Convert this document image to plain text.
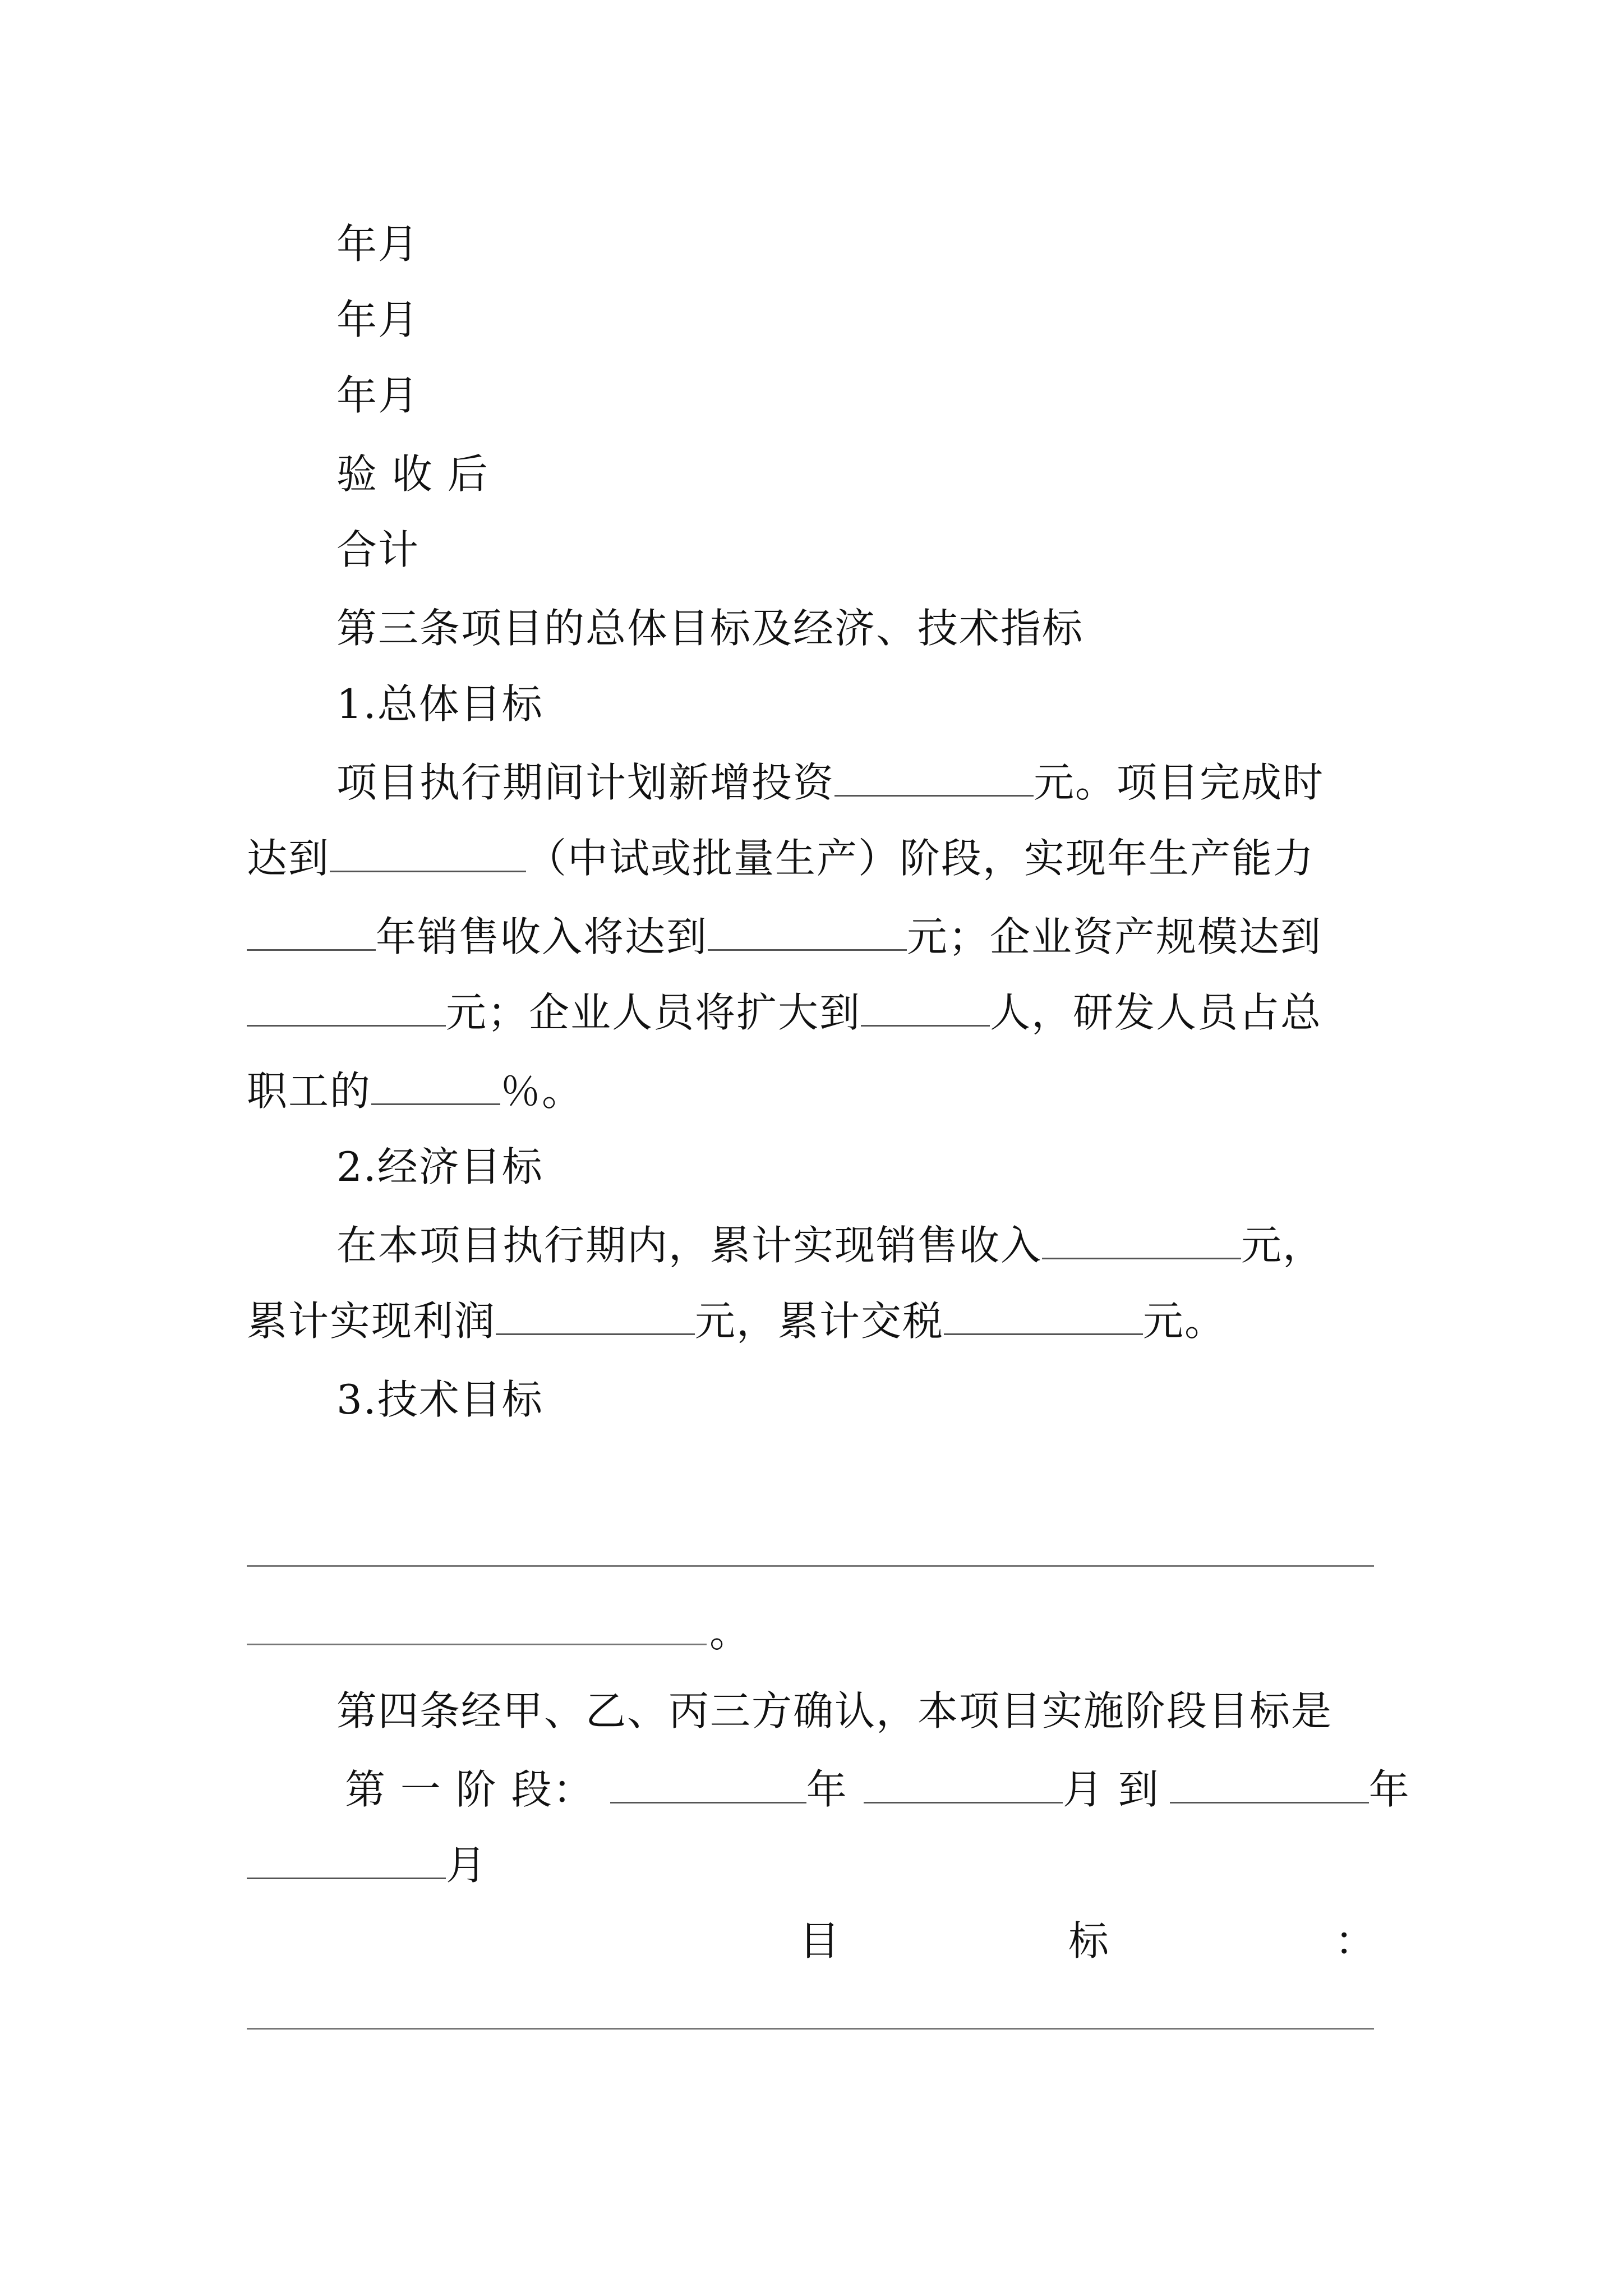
年月
年月
年月
验 收 后
合计
第三条项目的总体目标及经济、技术指标
1.总体目标
项目执行期间计划新增投资	元。项目完成时
达到	（中试或批量生产）阶段，实现年生产能力
年销售收入将达到	元；企业资产规模达到
元；企业人员将扩大到	人，研发人员占总
职工的	％。
2.经济目标
在本项目执行期内，累计实现销售收入	元，
累计实现利润	元，累计交税	元。
3.技术目标
。
第四条经甲、乙、丙三方确认，本项目实施阶段目标是
第 一 阶 段：	年	月 到	年
月
目	标	：
